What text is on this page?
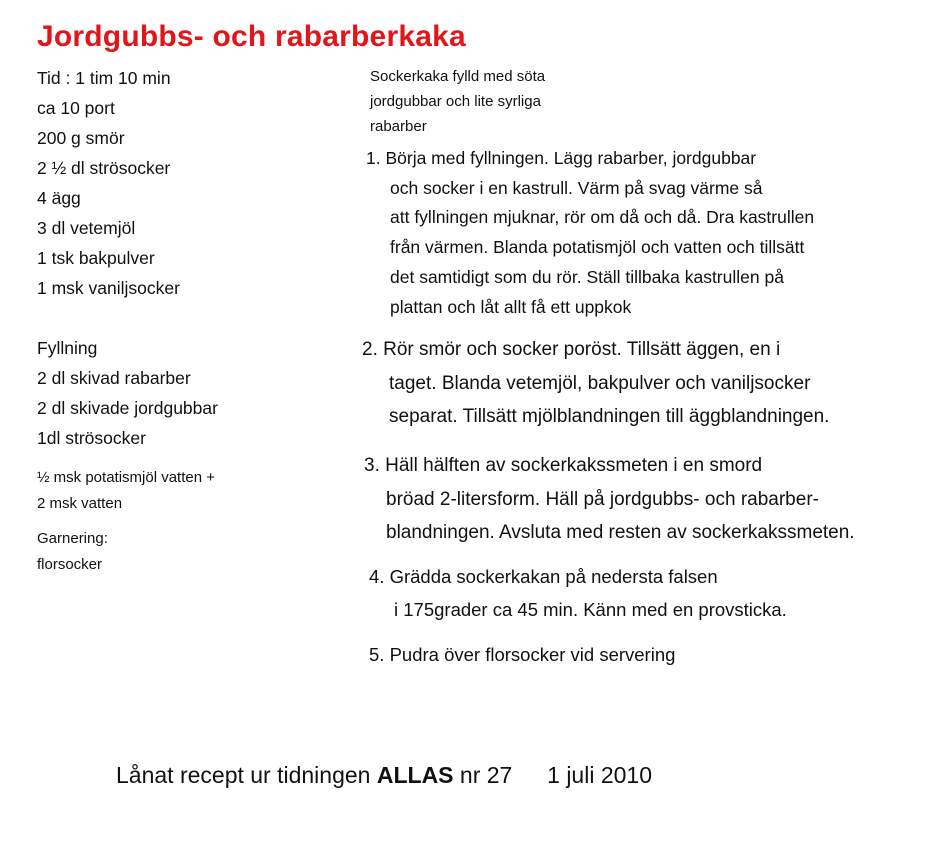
Jordgubbs- och rabarberkaka
Tid : 1 tim 10 min
ca 10 port
200 g smör
2 ½ dl strösocker
4 ägg
3 dl vetemjöl
1 tsk bakpulver
1 msk vaniljsocker
Fyllning
2 dl skivad rabarber
2 dl skivade jordgubbar
1dl strösocker
½ msk potatismjöl vatten +
2 msk vatten
Garnering:
florsocker
Sockerkaka fylld med söta
jordgubbar och lite syrliga
rabarber
1. Börja med fyllningen. Lägg rabarber, jordgubbar
och socker i en kastrull. Värm på svag värme så
att fyllningen mjuknar, rör om då och då. Dra kastrullen
från värmen. Blanda potatismjöl och vatten och tillsätt
det samtidigt som du rör. Ställ tillbaka kastrullen på
plattan och låt allt få ett uppkok
2. Rör smör och socker poröst. Tillsätt äggen, en i
taget. Blanda vetemjöl, bakpulver och vaniljsocker
separat. Tillsätt mjölblandningen till äggblandningen.
3. Häll hälften av sockerkakssmeten i en smord
bröad 2-litersform. Häll på jordgubbs- och rabarber-
blandningen. Avsluta med resten av sockerkakssmeten.
4. Grädda sockerkakan på nedersta falsen
i 175grader ca 45 min. Känn med en provsticka.
5. Pudra över florsocker vid servering
Lånat recept ur tidningen ALLAS nr 27 1 juli 2010
